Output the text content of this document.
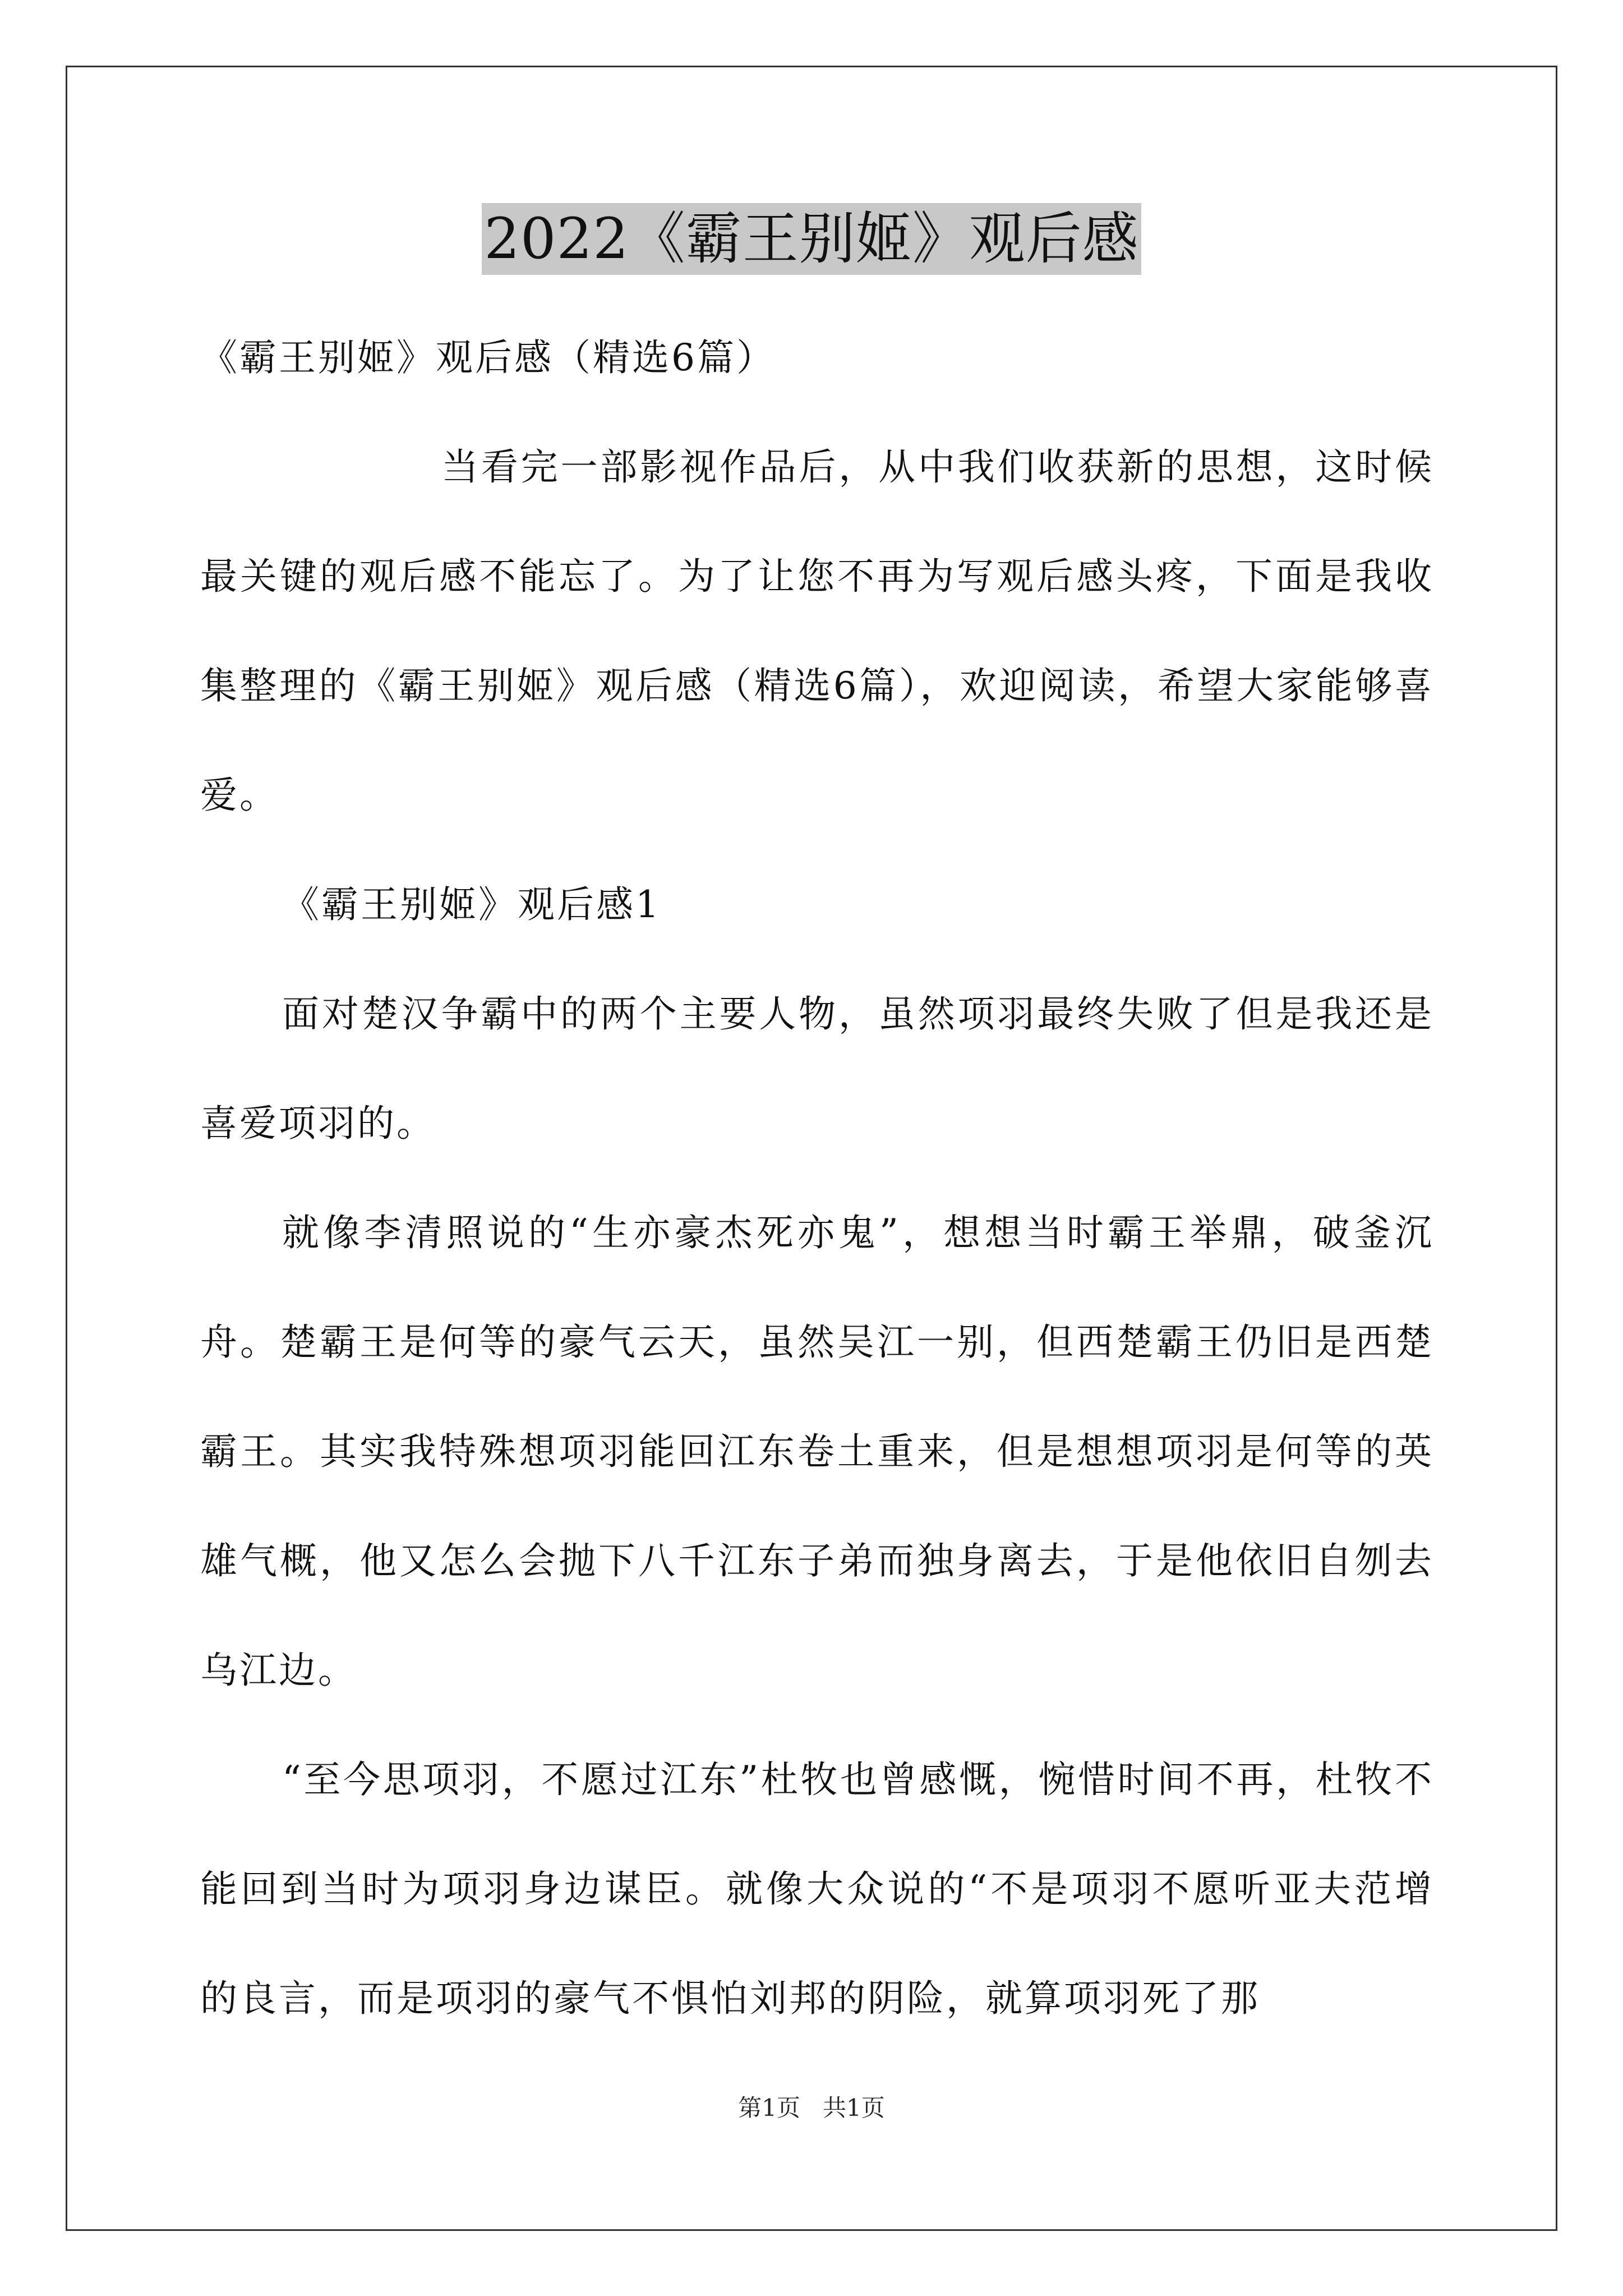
2022《霸王别姬》观后感

《霸王别姬》观后感（精选6篇）

当看完一部影视作品后，从中我们收获新的思想，这时候最关键的观后感不能忘了。为了让您不再为写观后感头疼，下面是我收集整理的《霸王别姬》观后感（精选6篇），欢迎阅读，希望大家能够喜爱。

《霸王别姬》观后感1

面对楚汉争霸中的两个主要人物，虽然项羽最终失败了但是我还是喜爱项羽的。

就像李清照说的“生亦豪杰死亦鬼”，想想当时霸王举鼎，破釜沉舟。楚霸王是何等的豪气云天，虽然吴江一别，但西楚霸王仍旧是西楚霸王。其实我特殊想项羽能回江东卷土重来，但是想想项羽是何等的英雄气概，他又怎么会抛下八千江东子弟而独身离去，于是他依旧自刎去乌江边。

“至今思项羽，不愿过江东”杜牧也曾感慨，惋惜时间不再，杜牧不能回到当时为项羽身边谋臣。就像大众说的“不是项羽不愿听亚夫范增的良言，而是项羽的豪气不惧怕刘邦的阴险，就算项羽死了那

第1页 共1页
